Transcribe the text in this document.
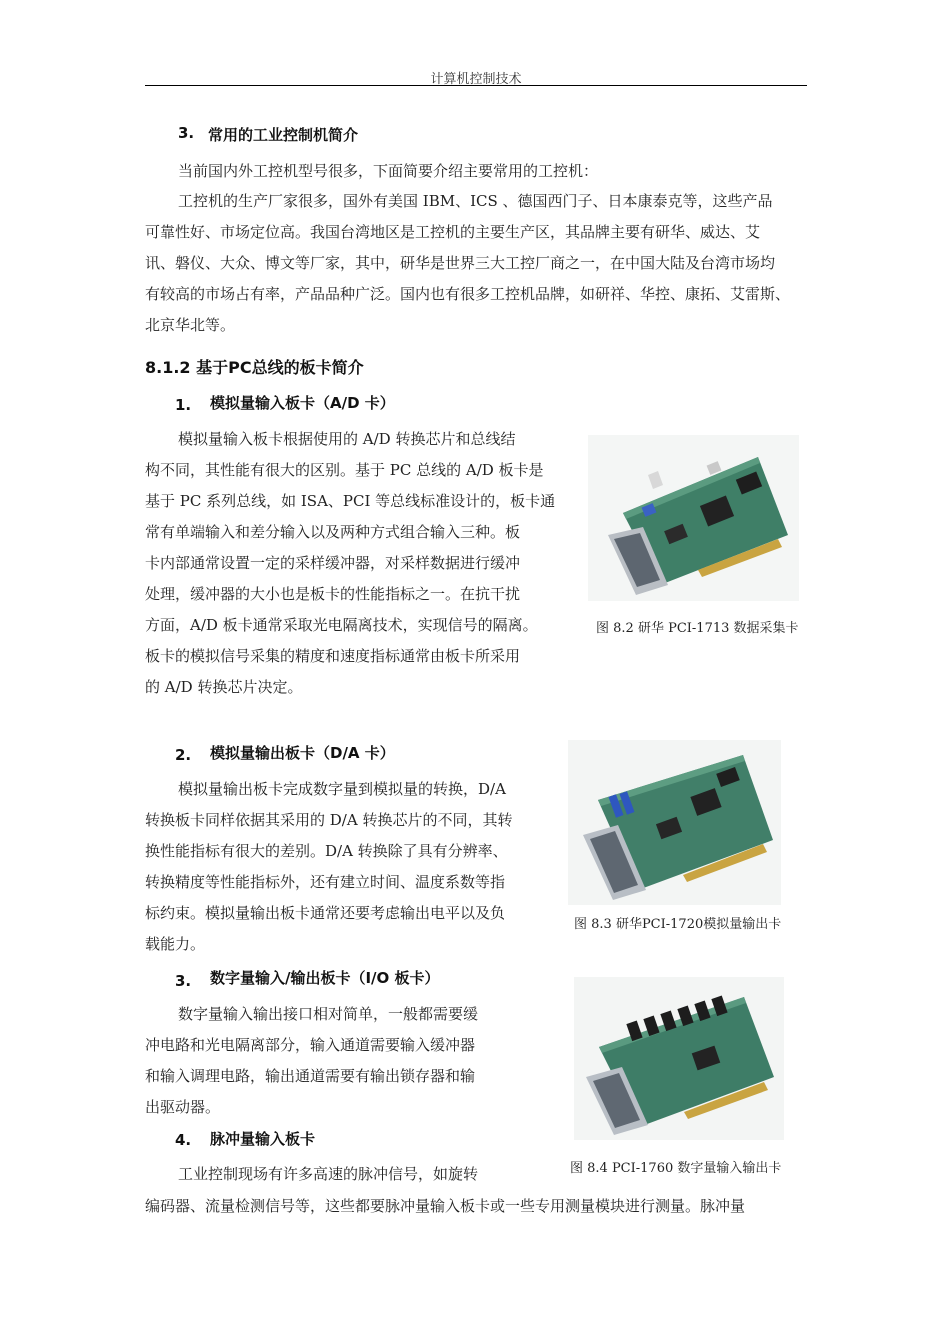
计算机控制技术
3. 常用的工业控制机简介
当前国内外工控机型号很多，下面简要介绍主要常用的工控机：
工控机的生产厂家很多，国外有美国 IBM、ICS 、德国西门子、日本康泰克等，这些产品
可靠性好、市场定位高。我国台湾地区是工控机的主要生产区，其品牌主要有研华、威达、艾
讯、磐仪、大众、博文等厂家，其中，研华是世界三大工控厂商之一，在中国大陆及台湾市场均
有较高的市场占有率，产品品种广泛。国内也有很多工控机品牌，如研祥、华控、康拓、艾雷斯、
北京华北等。
8.1.2 基于PC总线的板卡简介
1. 模拟量输入板卡（A/D 卡）
模拟量输入板卡根据使用的 A/D 转换芯片和总线结
构不同，其性能有很大的区别。基于 PC 总线的 A/D 板卡是
基于 PC 系列总线，如 ISA、PCI 等总线标准设计的，板卡通
常有单端输入和差分输入以及两种方式组合输入三种。板
卡内部通常设置一定的采样缓冲器，对采样数据进行缓冲
处理，缓冲器的大小也是板卡的性能指标之一。在抗干扰
方面，A/D 板卡通常采取光电隔离技术，实现信号的隔离。
板卡的模拟信号采集的精度和速度指标通常由板卡所采用
的 A/D 转换芯片决定。
图 8.2 研华 PCI-1713 数据采集卡
2. 模拟量输出板卡（D/A 卡）
模拟量输出板卡完成数字量到模拟量的转换，D/A
转换板卡同样依据其采用的 D/A 转换芯片的不同，其转
换性能指标有很大的差别。D/A 转换除了具有分辨率、
转换精度等性能指标外，还有建立时间、温度系数等指
标约束。模拟量输出板卡通常还要考虑输出电平以及负
载能力。
图 8.3 研华PCI-1720模拟量输出卡
3. 数字量输入/输出板卡（I/O 板卡）
数字量输入输出接口相对简单，一般都需要缓
冲电路和光电隔离部分，输入通道需要输入缓冲器
和输入调理电路，输出通道需要有输出锁存器和输
出驱动器。
图 8.4 PCI-1760 数字量输入输出卡
4. 脉冲量输入板卡
工业控制现场有许多高速的脉冲信号，如旋转
编码器、流量检测信号等，这些都要脉冲量输入板卡或一些专用测量模块进行测量。脉冲量
